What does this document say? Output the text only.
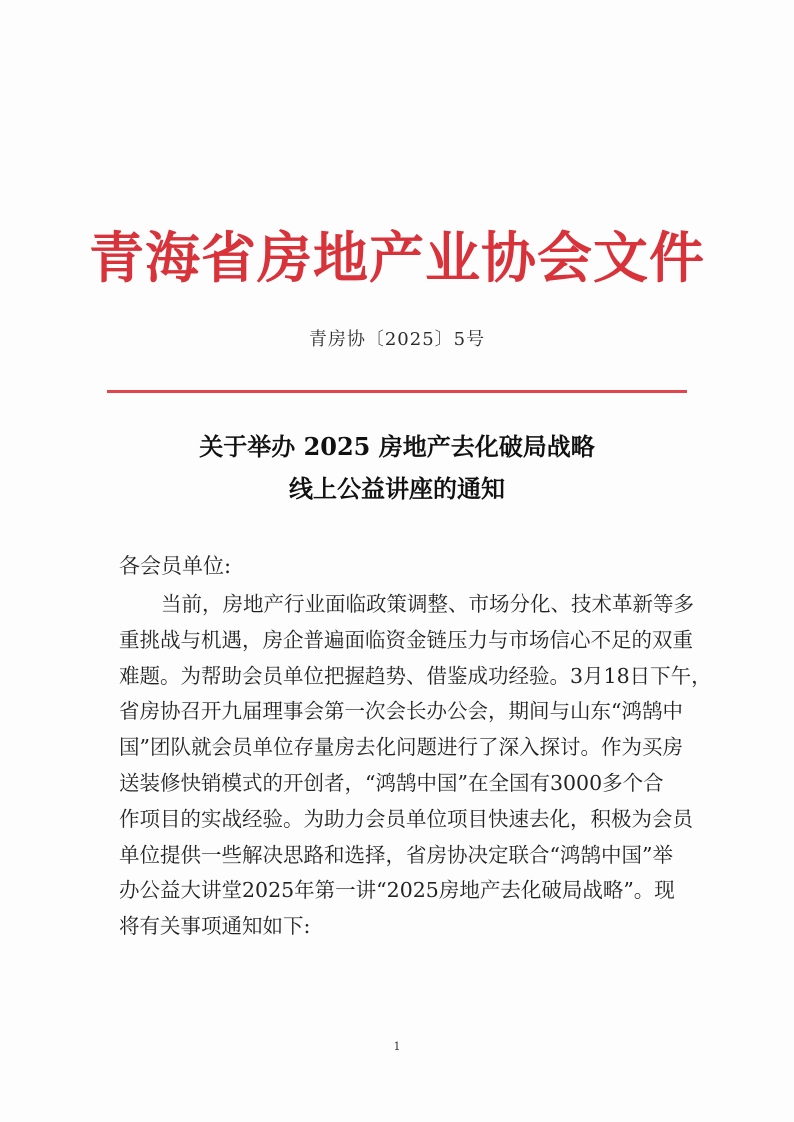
青海省房地产业协会文件
青房协〔2025〕5号
关于举办 2025 房地产去化破局战略
线上公益讲座的通知
各会员单位:
当前，房地产行业面临政策调整、市场分化、技术革新等多
重挑战与机遇，房企普遍面临资金链压力与市场信心不足的双重
难题。为帮助会员单位把握趋势、借鉴成功经验。3月18日下午，
省房协召开九届理事会第一次会长办公会，期间与山东“鸿鹄中
国”团队就会员单位存量房去化问题进行了深入探讨。作为买房
送装修快销模式的开创者，“鸿鹄中国”在全国有3000多个合
作项目的实战经验。为助力会员单位项目快速去化，积极为会员
单位提供一些解决思路和选择，省房协决定联合“鸿鹄中国”举
办公益大讲堂2025年第一讲“2025房地产去化破局战略”。现
将有关事项通知如下:
1
